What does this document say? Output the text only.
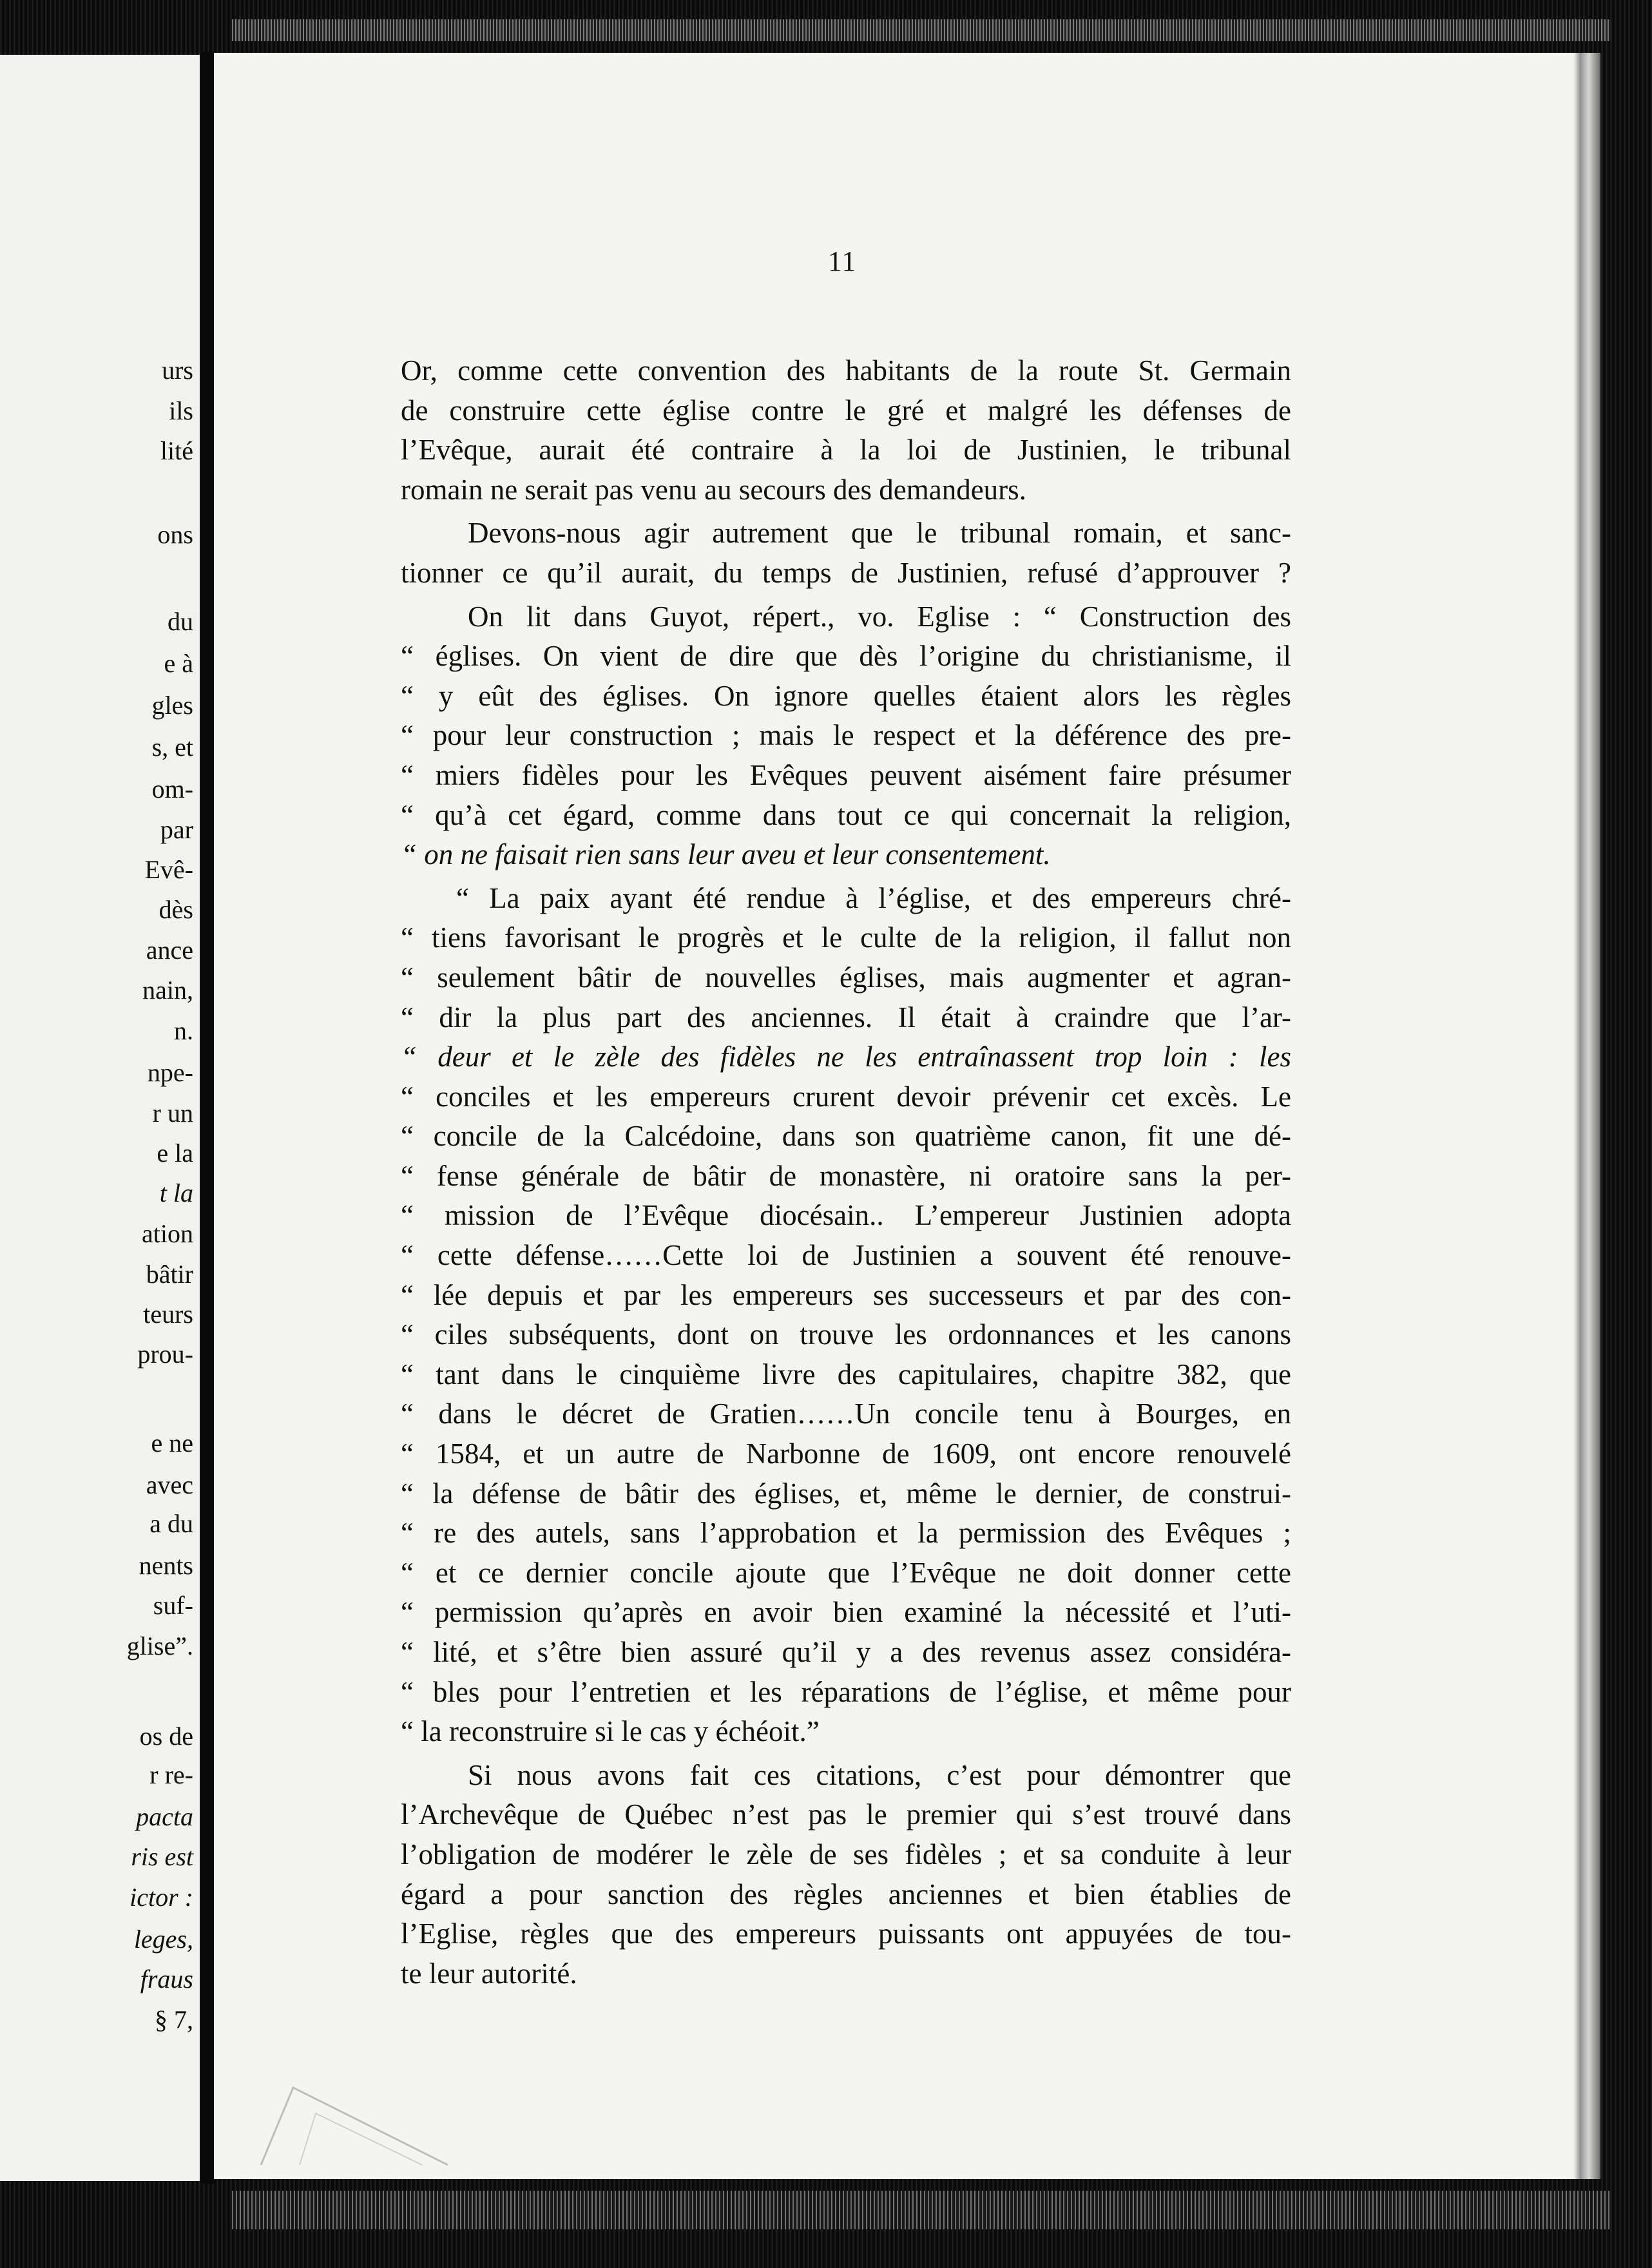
urs
ils
lité
ons
du
e à
gles
s, et
om-
par
Evê-
dès
ance
nain,
n.
npe-
r un
e la
t la
ation
bâtir
teurs
prou-
e ne
avec
a du
nents
suf-
glise”.
os de
r re-
pacta
ris est
ictor :
leges,
fraus
§ 7,
11
Or, comme cette convention des habitants de la route St. Germain
de construire cette église contre le gré et malgré les défenses de
l’Evêque, aurait été contraire à la loi de Justinien, le tribunal
romain ne serait pas venu au secours des demandeurs.
Devons-nous agir autrement que le tribunal romain, et sanc-
tionner ce qu’il aurait, du temps de Justinien, refusé d’approuver ?
On lit dans Guyot, répert., vo. Eglise : “ Construction des
“ églises. On vient de dire que dès l’origine du christianisme, il
“ y eût des églises. On ignore quelles étaient alors les règles
“ pour leur construction ; mais le respect et la déférence des pre-
“ miers fidèles pour les Evêques peuvent aisément faire présumer
“ qu’à cet égard, comme dans tout ce qui concernait la religion,
“ on ne faisait rien sans leur aveu et leur consentement.
“ La paix ayant été rendue à l’église, et des empereurs chré-
“ tiens favorisant le progrès et le culte de la religion, il fallut non
“ seulement bâtir de nouvelles églises, mais augmenter et agran-
“ dir la plus part des anciennes. Il était à craindre que l’ar-
“ deur et le zèle des fidèles ne les entraînassent trop loin : les
“ conciles et les empereurs crurent devoir prévenir cet excès. Le
“ concile de la Calcédoine, dans son quatrième canon, fit une dé-
“ fense générale de bâtir de monastère, ni oratoire sans la per-
“ mission de l’Evêque diocésain.. L’empereur Justinien adopta
“ cette défense……Cette loi de Justinien a souvent été renouve-
“ lée depuis et par les empereurs ses successeurs et par des con-
“ ciles subséquents, dont on trouve les ordonnances et les canons
“ tant dans le cinquième livre des capitulaires, chapitre 382, que
“ dans le décret de Gratien……Un concile tenu à Bourges, en
“ 1584, et un autre de Narbonne de 1609, ont encore renouvelé
“ la défense de bâtir des églises, et, même le dernier, de construi-
“ re des autels, sans l’approbation et la permission des Evêques ;
“ et ce dernier concile ajoute que l’Evêque ne doit donner cette
“ permission qu’après en avoir bien examiné la nécessité et l’uti-
“ lité, et s’être bien assuré qu’il y a des revenus assez considéra-
“ bles pour l’entretien et les réparations de l’église, et même pour
“ la reconstruire si le cas y échéoit.”
Si nous avons fait ces citations, c’est pour démontrer que
l’Archevêque de Québec n’est pas le premier qui s’est trouvé dans
l’obligation de modérer le zèle de ses fidèles ; et sa conduite à leur
égard a pour sanction des règles anciennes et bien établies de
l’Eglise, règles que des empereurs puissants ont appuyées de tou-
te leur autorité.
